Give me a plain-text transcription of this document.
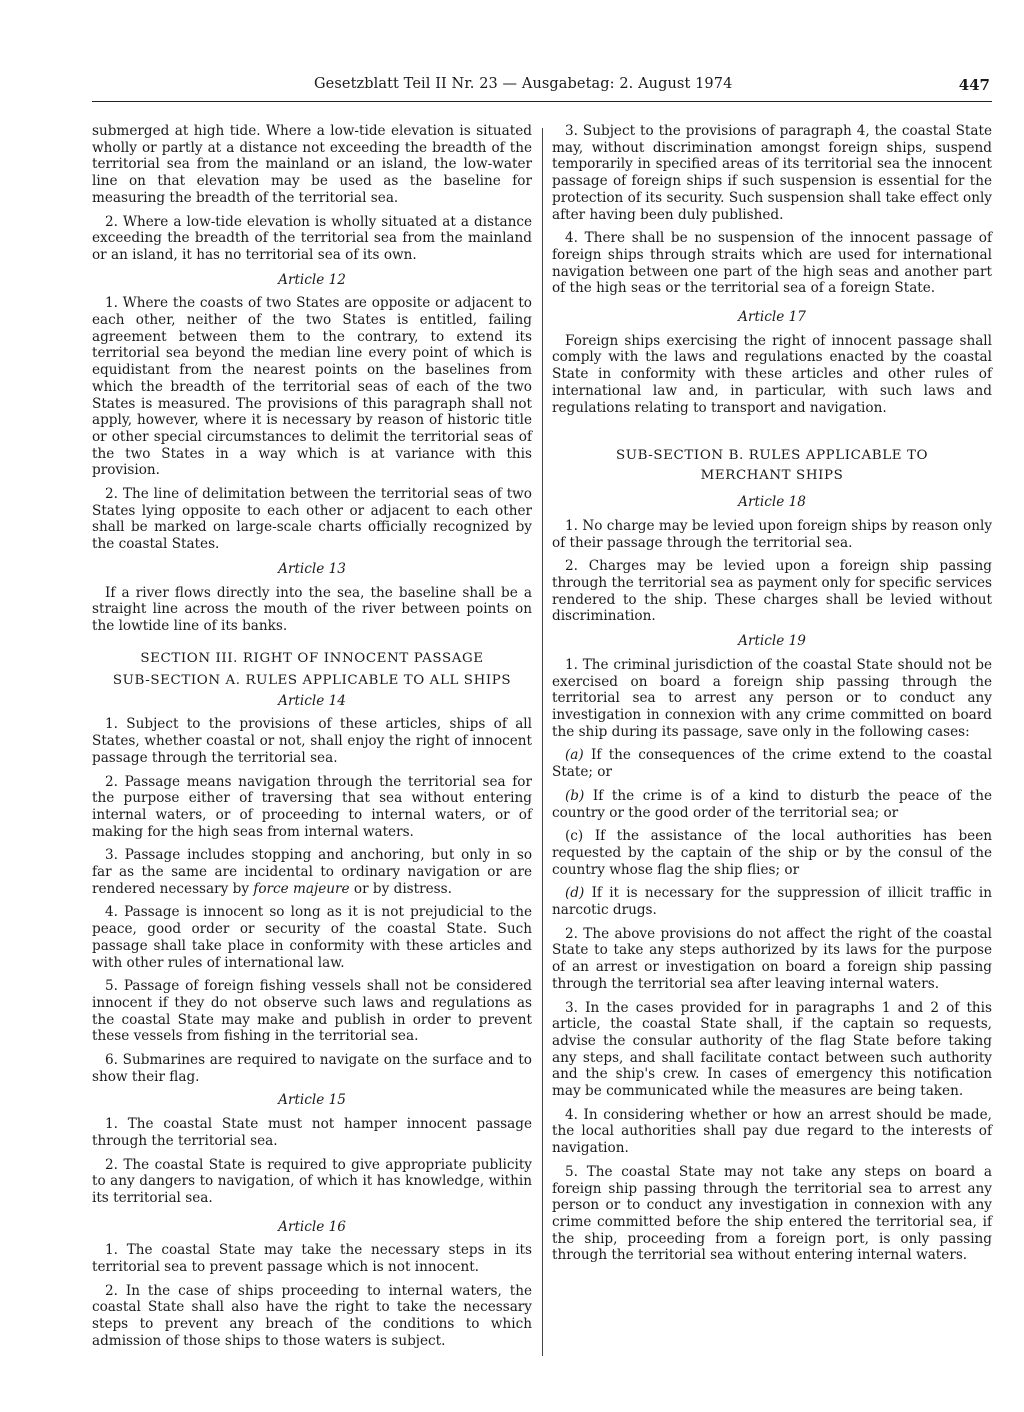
Gesetzblatt Teil II Nr. 23 — Ausgabetag: 2. August 1974	447

submerged at high tide. Where a low-tide elevation is situated wholly or partly at a distance not exceeding the breadth of the territorial sea from the mainland or an island, the low-water line on that elevation may be used as the baseline for measuring the breadth of the territorial sea.

2. Where a low-tide elevation is wholly situated at a distance exceeding the breadth of the territorial sea from the mainland or an island, it has no territorial sea of its own.

Article 12

1. Where the coasts of two States are opposite or adjacent to each other, neither of the two States is entitled, failing agreement between them to the contrary, to extend its territorial sea beyond the median line every point of which is equidistant from the nearest points on the baselines from which the breadth of the territorial seas of each of the two States is measured. The provisions of this paragraph shall not apply, however, where it is necessary by reason of historic title or other special circumstances to delimit the territorial seas of the two States in a way which is at variance with this provision.

2. The line of delimitation between the territorial seas of two States lying opposite to each other or adjacent to each other shall be marked on large-scale charts officially recognized by the coastal States.

Article 13

If a river flows directly into the sea, the baseline shall be a straight line across the mouth of the river between points on the lowtide line of its banks.

SECTION III. RIGHT OF INNOCENT PASSAGE
SUB-SECTION A. RULES APPLICABLE TO ALL SHIPS
Article 14

1. Subject to the provisions of these articles, ships of all States, whether coastal or not, shall enjoy the right of innocent passage through the territorial sea.

2. Passage means navigation through the territorial sea for the purpose either of traversing that sea without entering internal waters, or of proceeding to internal waters, or of making for the high seas from internal waters.

3. Passage includes stopping and anchoring, but only in so far as the same are incidental to ordinary navigation or are rendered necessary by force majeure or by distress.

4. Passage is innocent so long as it is not prejudicial to the peace, good order or security of the coastal State. Such passage shall take place in conformity with these articles and with other rules of international law.

5. Passage of foreign fishing vessels shall not be considered innocent if they do not observe such laws and regulations as the coastal State may make and publish in order to prevent these vessels from fishing in the territorial sea.

6. Submarines are required to navigate on the surface and to show their flag.

Article 15

1. The coastal State must not hamper innocent passage through the territorial sea.

2. The coastal State is required to give appropriate publicity to any dangers to navigation, of which it has knowledge, within its territorial sea.

Article 16

1. The coastal State may take the necessary steps in its territorial sea to prevent passage which is not innocent.

2. In the case of ships proceeding to internal waters, the coastal State shall also have the right to take the necessary steps to prevent any breach of the conditions to which admission of those ships to those waters is subject.

3. Subject to the provisions of paragraph 4, the coastal State may, without discrimination amongst foreign ships, suspend temporarily in specified areas of its territorial sea the innocent passage of foreign ships if such suspension is essential for the protection of its security. Such suspension shall take effect only after having been duly published.

4. There shall be no suspension of the innocent passage of foreign ships through straits which are used for international navigation between one part of the high seas and another part of the high seas or the territorial sea of a foreign State.

Article 17

Foreign ships exercising the right of innocent passage shall comply with the laws and regulations enacted by the coastal State in conformity with these articles and other rules of international law and, in particular, with such laws and regulations relating to transport and navigation.

SUB-SECTION B. RULES APPLICABLE TO
MERCHANT SHIPS
Article 18

1. No charge may be levied upon foreign ships by reason only of their passage through the territorial sea.

2. Charges may be levied upon a foreign ship passing through the territorial sea as payment only for specific services rendered to the ship. These charges shall be levied without discrimination.

Article 19

1. The criminal jurisdiction of the coastal State should not be exercised on board a foreign ship passing through the territorial sea to arrest any person or to conduct any investigation in connexion with any crime committed on board the ship during its passage, save only in the following cases:

(a) If the consequences of the crime extend to the coastal State; or

(b) If the crime is of a kind to disturb the peace of the country or the good order of the territorial sea; or

(c) If the assistance of the local authorities has been requested by the captain of the ship or by the consul of the country whose flag the ship flies; or

(d) If it is necessary for the suppression of illicit traffic in narcotic drugs.

2. The above provisions do not affect the right of the coastal State to take any steps authorized by its laws for the purpose of an arrest or investigation on board a foreign ship passing through the territorial sea after leaving internal waters.

3. In the cases provided for in paragraphs 1 and 2 of this article, the coastal State shall, if the captain so requests, advise the consular authority of the flag State before taking any steps, and shall facilitate contact between such authority and the ship's crew. In cases of emergency this notification may be communicated while the measures are being taken.

4. In considering whether or how an arrest should be made, the local authorities shall pay due regard to the interests of navigation.

5. The coastal State may not take any steps on board a foreign ship passing through the territorial sea to arrest any person or to conduct any investigation in connexion with any crime committed before the ship entered the territorial sea, if the ship, proceeding from a foreign port, is only passing through the territorial sea without entering internal waters.
